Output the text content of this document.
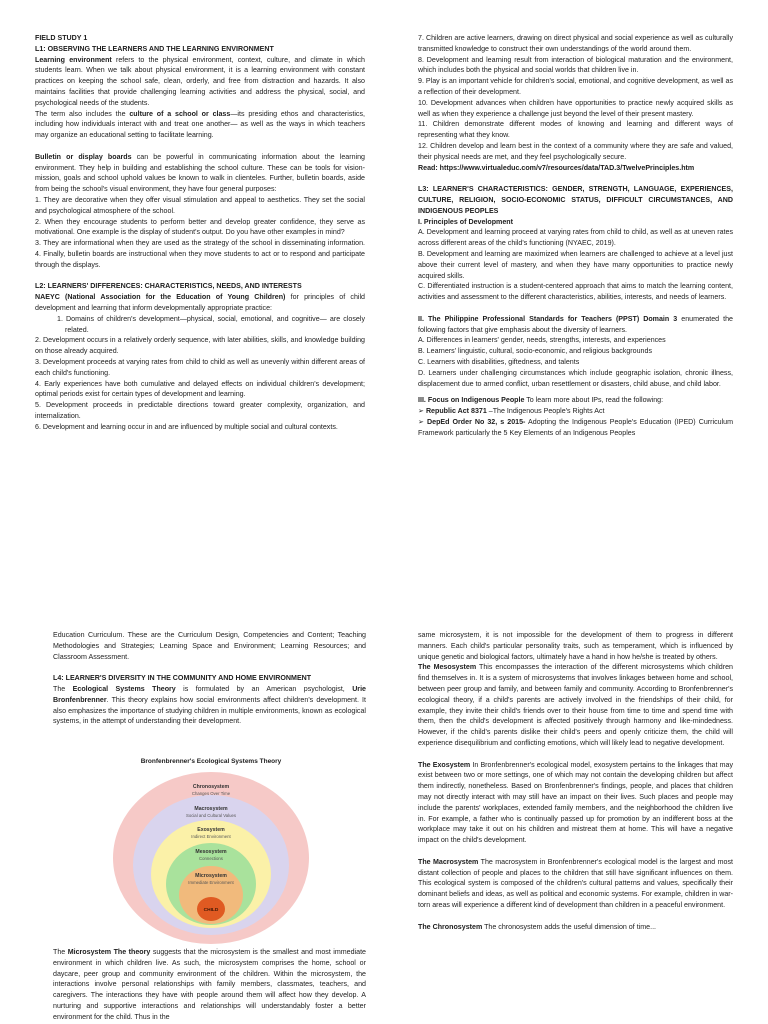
FIELD STUDY 1

L1: OBSERVING THE LEARNERS AND THE LEARNING ENVIRONMENT

Learning environment refers to the physical environment, context, culture, and climate in which students learn. When we talk about physical environment, it is a learning environment with constant practices on keeping the school safe, clean, orderly, and free from distraction and hazards. It also maintains facilities that provide challenging learning activities and address the physical, social, and psychological needs of the students.

The term also includes the culture of a school or class—its presiding ethos and characteristics, including how individuals interact with and treat one another— as well as the ways in which teachers may organize an educational setting to facilitate learning.

Bulletin or display boards can be powerful in communicating information about the learning environment. They help in building and establishing the school culture. These can be tools for vision-mission, goals and school uphold values be known to walk in clienteles. Further, bulletin boards, aside from being the school's visual environment, they have four general purposes:

1. They are decorative when they offer visual stimulation and appeal to aesthetics. They set the social and psychological atmosphere of the school.

2. When they encourage students to perform better and develop greater confidence, they serve as motivational. One example is the display of student's output. Do you have other examples in mind?

3. They are informational when they are used as the strategy of the school in disseminating information. 4. Finally, bulletin boards are instructional when they move students to act or to respond and participate through the displays.

L2: LEARNERS' DIFFERENCES: CHARACTERISTICS, NEEDS, AND INTERESTS

NAEYC (National Association for the Education of Young Children) for principles of child development and learning that inform developmentally appropriate practice:

1. Domains of children's development—physical, social, emotional, and cognitive— are closely related.

2. Development occurs in a relatively orderly sequence, with later abilities, skills, and knowledge building on those already acquired.

3. Development proceeds at varying rates from child to child as well as unevenly within different areas of each child's functioning.

4. Early experiences have both cumulative and delayed effects on individual children's development; optimal periods exist for certain types of development and learning.

5. Development proceeds in predictable directions toward greater complexity, organization, and internalization.

6. Development and learning occur in and are influenced by multiple social and cultural contexts.

7. Children are active learners, drawing on direct physical and social experience as well as culturally transmitted knowledge to construct their own understandings of the world around them.

8. Development and learning result from interaction of biological maturation and the environment, which includes both the physical and social worlds that children live in.

9. Play is an important vehicle for children's social, emotional, and cognitive development, as well as a reflection of their development.

10. Development advances when children have opportunities to practice newly acquired skills as well as when they experience a challenge just beyond the level of their present mastery.

11. Children demonstrate different modes of knowing and learning and different ways of representing what they know.

12. Children develop and learn best in the context of a community where they are safe and valued, their physical needs are met, and they feel psychologically secure.

Read: https://www.virtualeduc.com/v7/resources/data/TAD.3/TwelvePrinciples.htm

L3: LEARNER'S CHARACTERISTICS: GENDER, STRENGTH, LANGUAGE, EXPERIENCES, CULTURE, RELIGION, SOCIO-ECONOMIC STATUS, DIFFICULT CIRCUMSTANCES, AND INDIGENOUS PEOPLES

I. Principles of Development

A. Development and learning proceed at varying rates from child to child, as well as at uneven rates across different areas of the child's functioning (NYAEC, 2019).

B. Development and learning are maximized when learners are challenged to achieve at a level just above their current level of mastery, and when they have many opportunities to practice newly acquired skills.

C. Differentiated instruction is a student-centered approach that aims to match the learning content, activities and assessment to the different characteristics, abilities, interests, and needs of learners.

II. The Philippine Professional Standards for Teachers (PPST) Domain 3 enumerated the following factors that give emphasis about the diversity of learners.

A. Differences in learners' gender, needs, strengths, interests, and experiences

B. Learners' linguistic, cultural, socio-economic, and religious backgrounds

C. Learners with disabilities, giftedness, and talents

D. Learners under challenging circumstances which include geographic isolation, chronic illness, displacement due to armed conflict, urban resettlement or disasters, child abuse, and child labor.

III. Focus on Indigenous People To learn more about IPs, read the following:

➢ Republic Act 8371 –The Indigenous People's Rights Act

➢ DepEd Order No 32, s 2015- Adopting the Indigenous People's Education (IPED) Curriculum Framework particularly the 5 Key Elements of an Indigenous Peoples

Education Curriculum. These are the Curriculum Design, Competencies and Content; Teaching Methodologies and Strategies; Learning Space and Environment; Learning Resources; and Classroom Assessment.

L4: LEARNER'S DIVERSITY IN THE COMMUNITY AND HOME ENVIRONMENT

The Ecological Systems Theory is formulated by an American psychologist, Urie Bronfenbrenner. This theory explains how social environments affect children's development. It also emphasizes the importance of studying children in multiple environments, known as ecological systems, in the attempt of understanding their development.

Bronfenbrenner's Ecological Systems Theory
Chronosystem
Changes Over Time
Macrosystem
Social and Cultural Values
Exosystem
Indirect Environment
Mesosystem
Connections
Microsystem
Immediate Environment
CHILD

The Microsystem The theory suggests that the microsystem is the smallest and most immediate environment in which children live. As such, the microsystem comprises the home, school or daycare, peer group and community environment of the children. Within the microsystem, the interactions involve personal relationships with family members, classmates, teachers, and caregivers. The interactions they have with people around them will affect how they develop. A nurturing and supportive interactions and relationships will understandably foster a better environment for the child. Thus in the

same microsystem, it is not impossible for the development of them to progress in different manners. Each child's particular personality traits, such as temperament, which is influenced by unique genetic and biological factors, ultimately have a hand in how he/she is treated by others.

The Mesosystem This encompasses the interaction of the different microsystems which children find themselves in. It is a system of microsystems that involves linkages between home and school, between peer group and family, and between family and community. According to Bronfenbrenner's ecological theory, if a child's parents are actively involved in the friendships of their child, for example, they invite their child's friends over to their house from time to time and spend time with them, then the child's development is affected positively through harmony and like-mindedness. However, if the child's parents dislike their child's peers and openly criticize them, the child will experience disequilibrium and conflicting emotions, which will likely lead to negative development.

The Exosystem In Bronfenbrenner's ecological model, exosystem pertains to the linkages that may exist between two or more settings, one of which may not contain the developing children but affect them indirectly, nonetheless. Based on Bronfenbrenner's findings, people, and places that children may not directly interact with may still have an impact on their lives. Such places and people may include the parents' workplaces, extended family members, and the neighborhood the children live in. For example, a father who is continually passed up for promotion by an indifferent boss at the workplace may take it out on his children and mistreat them at home. This will have a negative impact on the child's development.

The Macrosystem The macrosystem in Bronfenbrenner's ecological model is the largest and most distant collection of people and places to the children that still have significant influences on them. This ecological system is composed of the children's cultural patterns and values, specifically their dominant beliefs and ideas, as well as political and economic systems. For example, children in war-torn areas will experience a different kind of development than children in a peaceful environment.

The Chronosystem The chronosystem adds the useful dimension of time...
